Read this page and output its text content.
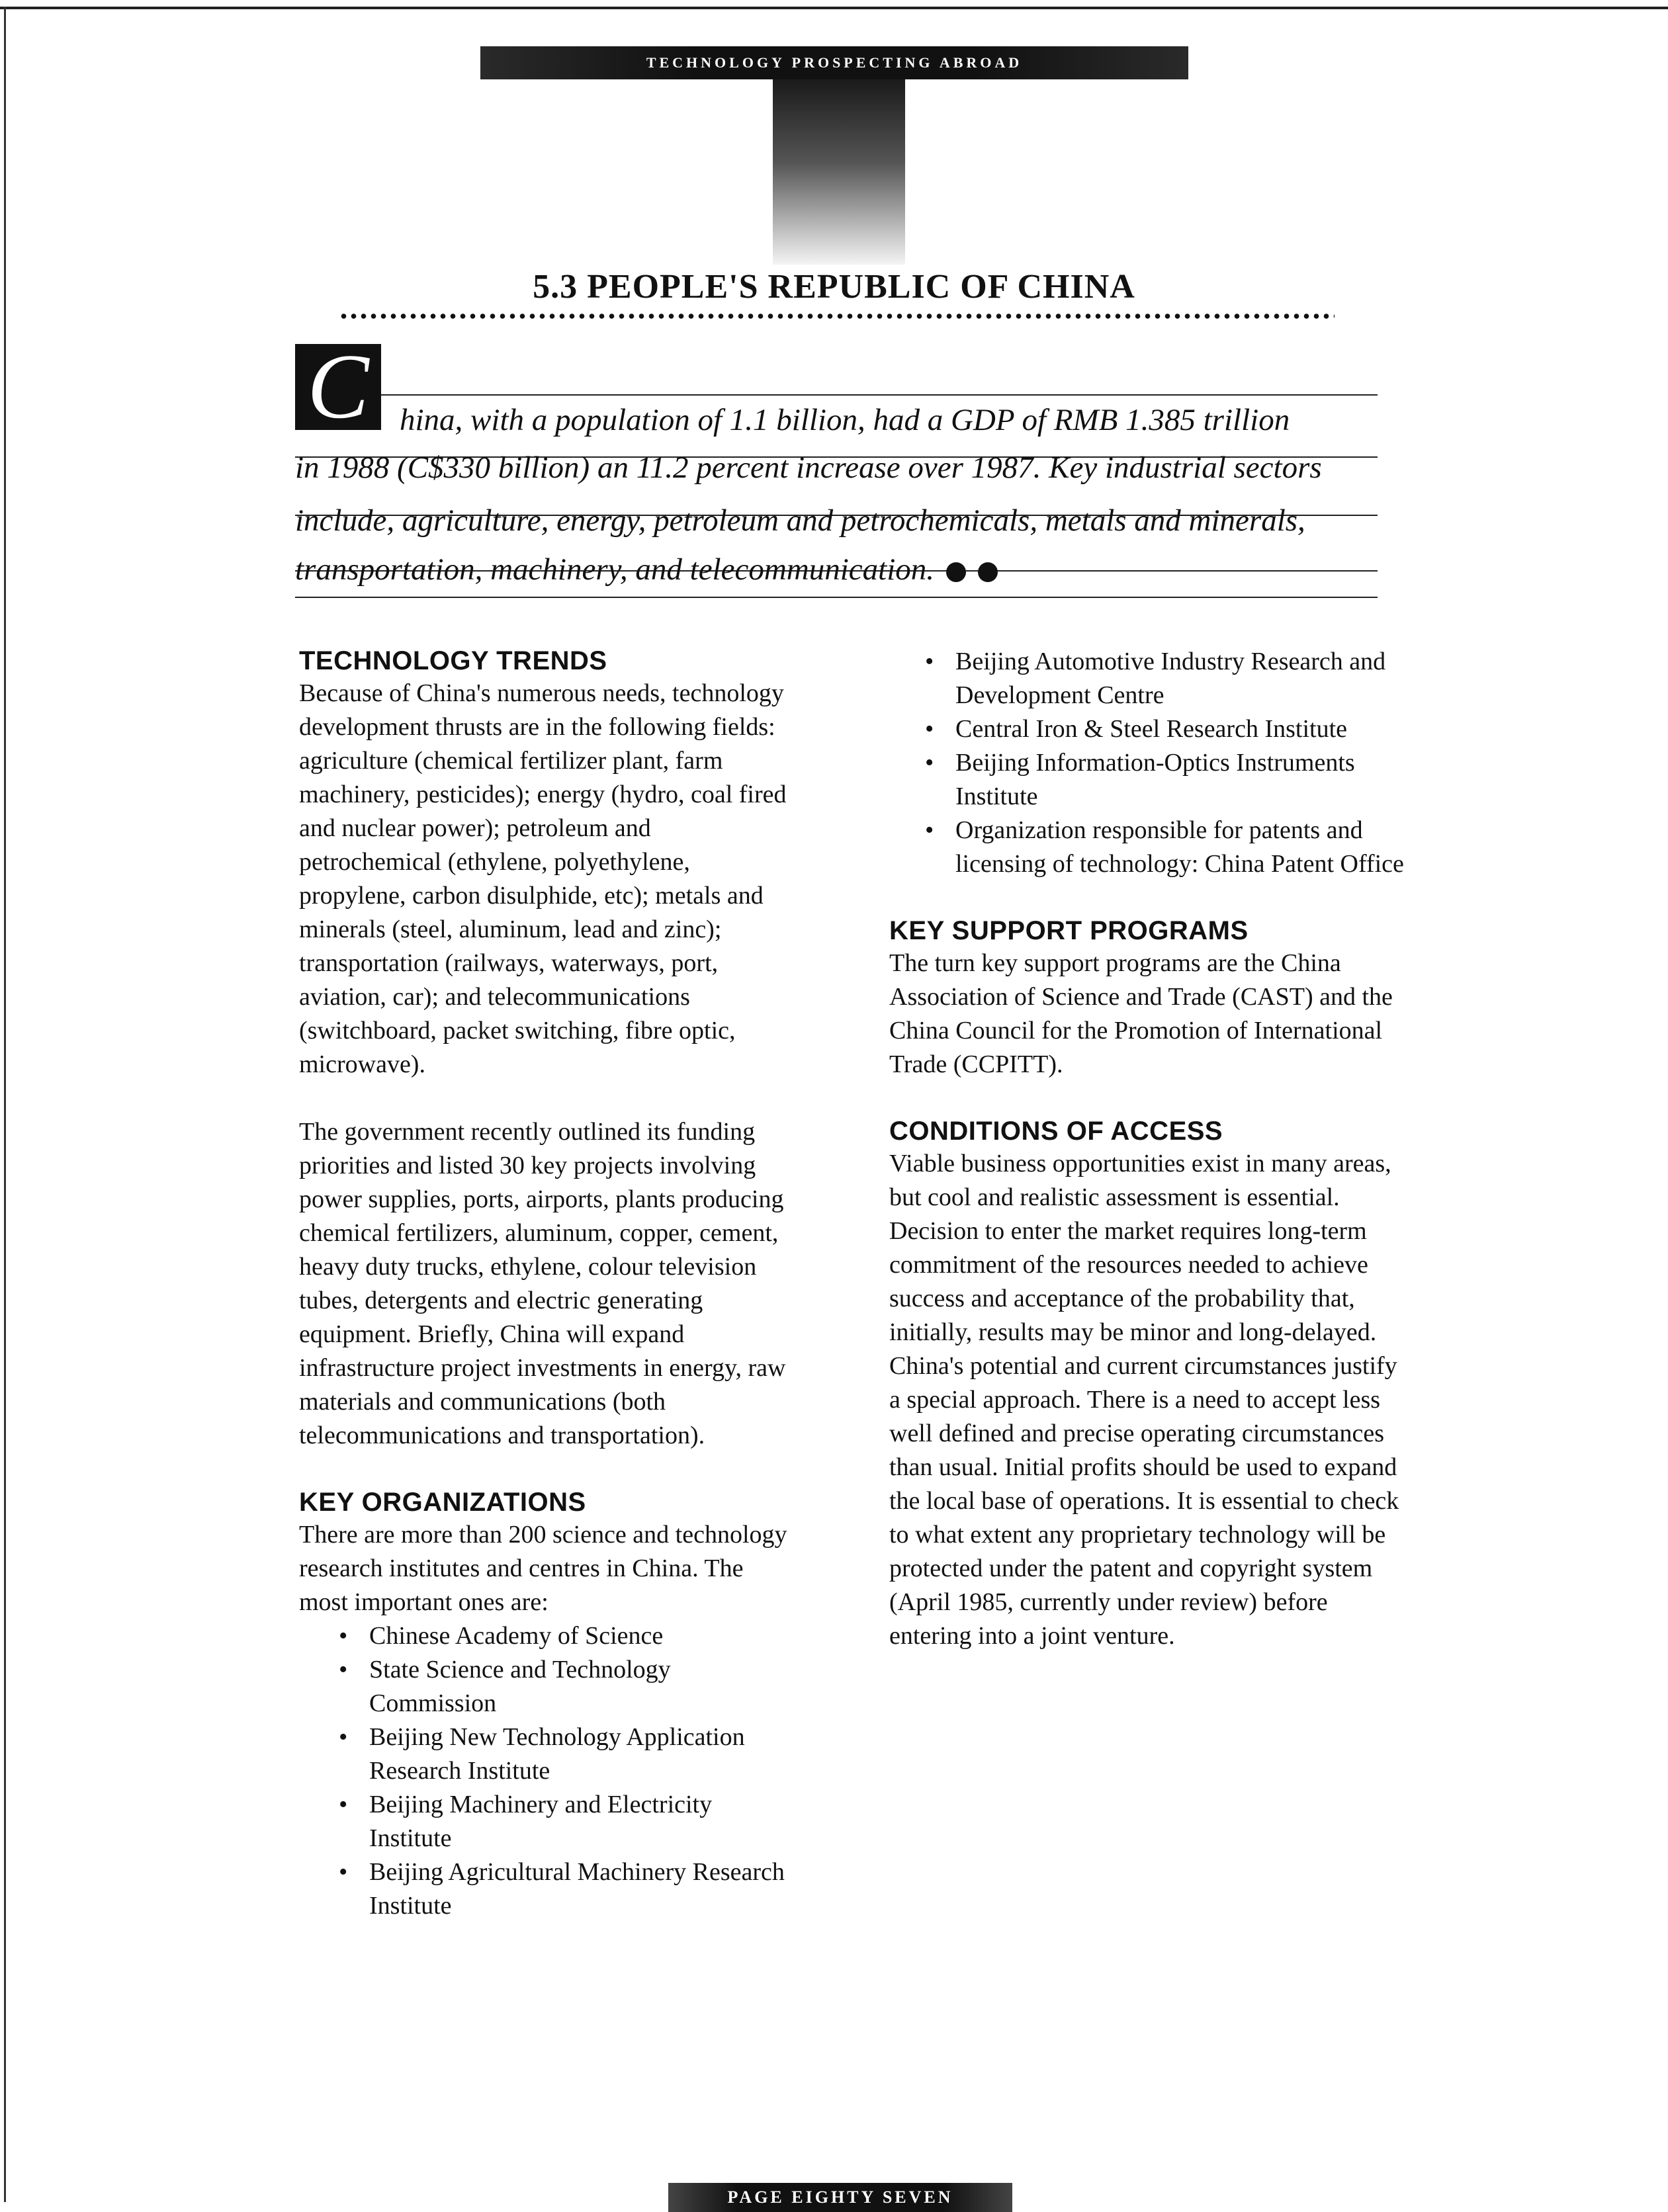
TECHNOLOGY PROSPECTING ABROAD
5.3 PEOPLE'S REPUBLIC OF CHINA
C hina, with a population of 1.1 billion, had a GDP of RMB 1.385 trillion
in 1988 (C$330 billion) an 11.2 percent increase over 1987. Key industrial sectors
include, agriculture, energy, petroleum and petrochemicals, metals and minerals,
transportation, machinery, and telecommunication.
TECHNOLOGY TRENDS

Because of China's numerous needs, technology development thrusts are in the following fields: agriculture (chemical fertilizer plant, farm machinery, pesticides); energy (hydro, coal fired and nuclear power); petroleum and petrochemical (ethylene, polyethylene, propylene, carbon disulphide, etc); metals and minerals (steel, aluminum, lead and zinc); transportation (railways, waterways, port, aviation, car); and telecommunications (switchboard, packet switching, fibre optic, microwave).

The government recently outlined its funding priorities and listed 30 key projects involving power supplies, ports, airports, plants producing chemical fertilizers, aluminum, copper, cement, heavy duty trucks, ethylene, colour television tubes, detergents and electric generating equipment. Briefly, China will expand infrastructure project investments in energy, raw materials and communications (both telecommunications and transportation).

KEY ORGANIZATIONS

There are more than 200 science and technology research institutes and centres in China. The most important ones are:

• Chinese Academy of Science
• State Science and Technology Commission
• Beijing New Technology Application Research Institute
• Beijing Machinery and Electricity Institute
• Beijing Agricultural Machinery Research Institute
• Beijing Automotive Industry Research and Development Centre
• Central Iron & Steel Research Institute
• Beijing Information-Optics Instruments Institute
• Organization responsible for patents and licensing of technology: China Patent Office
KEY SUPPORT PROGRAMS

The turn key support programs are the China Association of Science and Trade (CAST) and the China Council for the Promotion of International Trade (CCPITT).

CONDITIONS OF ACCESS

Viable business opportunities exist in many areas, but cool and realistic assessment is essential. Decision to enter the market requires long-term commitment of the resources needed to achieve success and acceptance of the probability that, initially, results may be minor and long-delayed. China's potential and current circumstances justify a special approach. There is a need to accept less well defined and precise operating circumstances than usual. Initial profits should be used to expand the local base of operations. It is essential to check to what extent any proprietary technology will be protected under the patent and copyright system (April 1985, currently under review) before entering into a joint venture.

PAGE EIGHTY SEVEN
